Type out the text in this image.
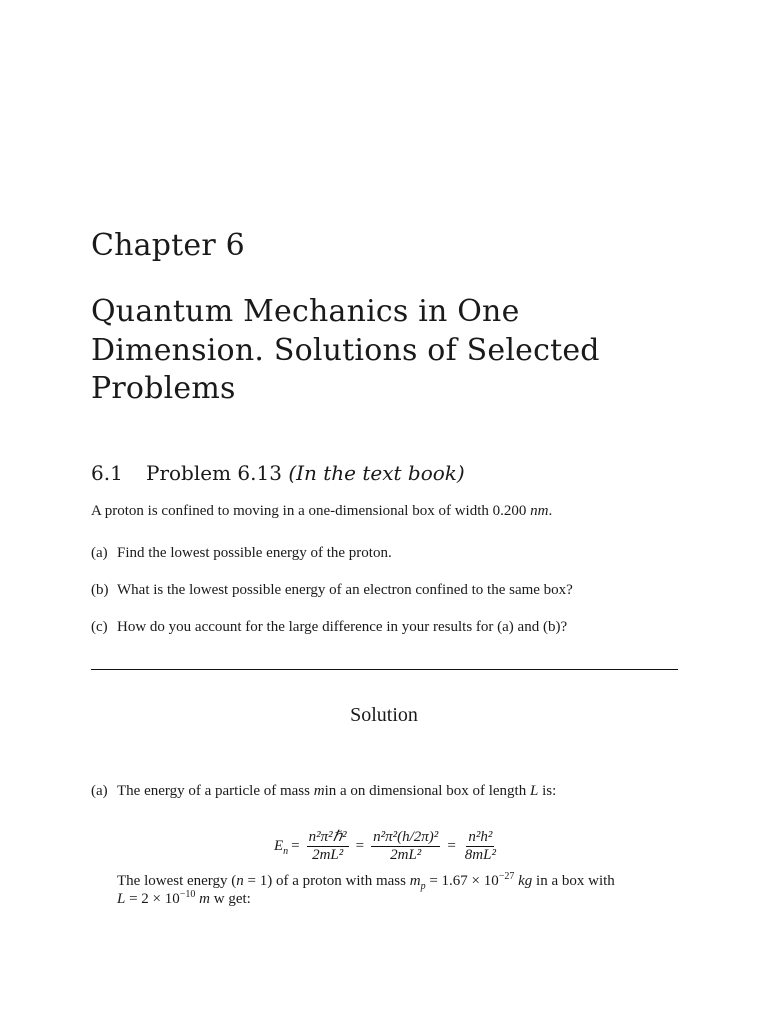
Chapter 6
Quantum Mechanics in One Dimension. Solutions of Selected Problems
6.1 Problem 6.13 (In the text book)
A proton is confined to moving in a one-dimensional box of width 0.200 nm.
(a) Find the lowest possible energy of the proton.
(b) What is the lowest possible energy of an electron confined to the same box?
(c) How do you account for the large difference in your results for (a) and (b)?
Solution
(a) The energy of a particle of mass min a on dimensional box of length L is:
$E_n = \frac{\text{n²π²ℏ²}}{\text{2mL²}} = \frac{\text{n²π²(h/2π)²}}{\text{2mL²}} = \frac{\text{n²h²}}{\text{8mL²}}$
The lowest energy (n = 1) of a proton with mass $m_p = 1.67 \times 10^{-27}$ kg in a box with
$L = 2 \times 10^{-10}$ m w get:
